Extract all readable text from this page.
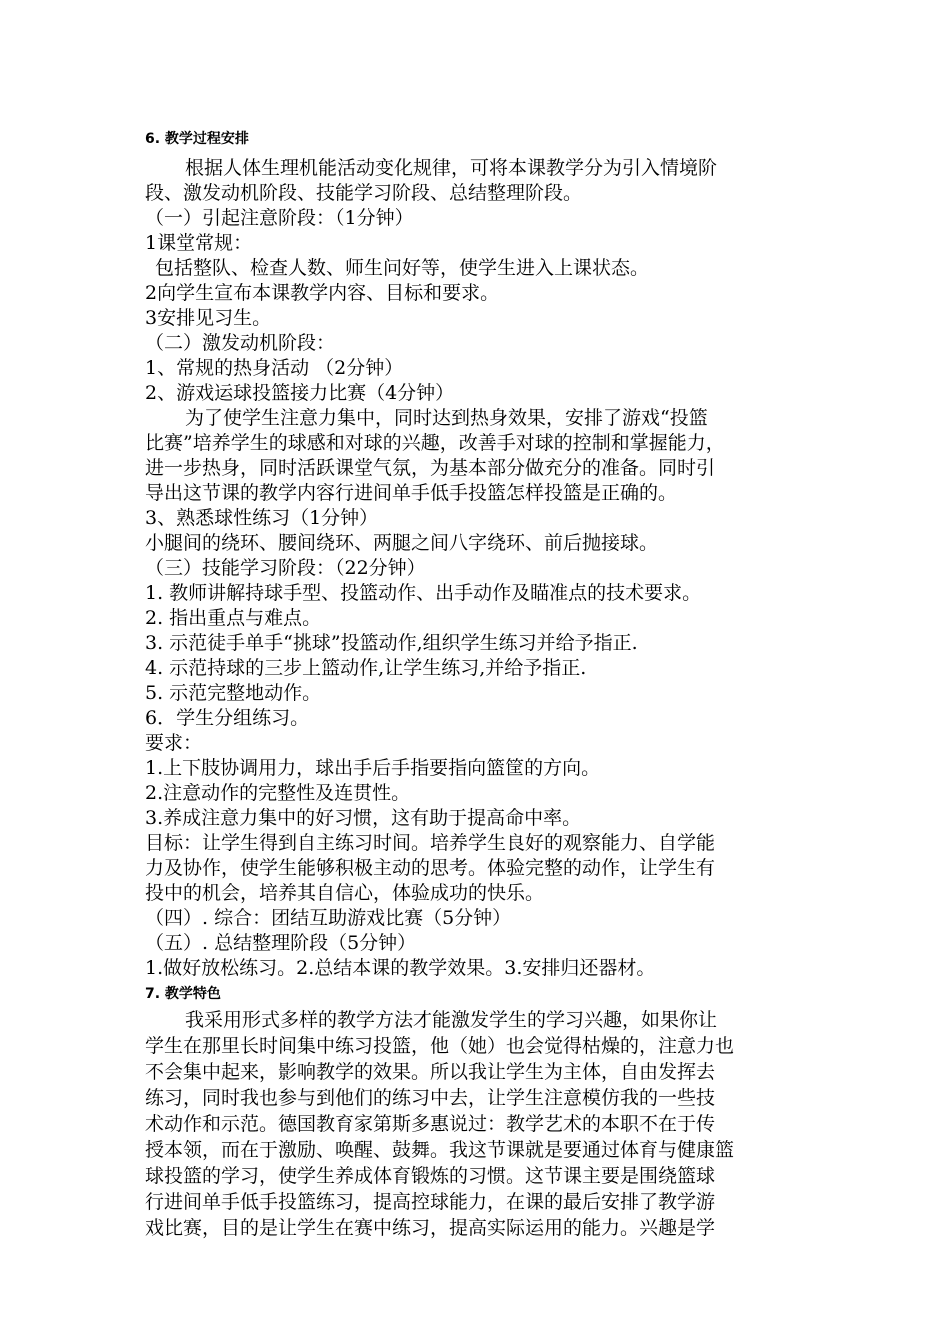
6. 教学过程安排
根据人体生理机能活动变化规律，可将本课教学分为引入情境阶
段、激发动机阶段、技能学习阶段、总结整理阶段。
（一）引起注意阶段：（1分钟）
1课堂常规：
包括整队、检查人数、师生问好等，使学生进入上课状态。
2向学生宣布本课教学内容、目标和要求。
3安排见习生。
（二）激发动机阶段：
1、常规的热身活动 （2分钟）
2、游戏运球投篮接力比赛（4分钟）
为了使学生注意力集中，同时达到热身效果，安排了游戏“投篮
比赛”培养学生的球感和对球的兴趣，改善手对球的控制和掌握能力，
进一步热身，同时活跃课堂气氛，为基本部分做充分的准备。同时引
导出这节课的教学内容行进间单手低手投篮怎样投篮是正确的。
3、熟悉球性练习（1分钟）
小腿间的绕环、腰间绕环、两腿之间八字绕环、前后抛接球。
（三）技能学习阶段：（22分钟）
1. 教师讲解持球手型、投篮动作、出手动作及瞄准点的技术要求。
2. 指出重点与难点。
3. 示范徒手单手“挑球”投篮动作,组织学生练习并给予指正.
4. 示范持球的三步上篮动作,让学生练习,并给予指正.
5. 示范完整地动作。
6．学生分组练习。
要求：
1.上下肢协调用力，球出手后手指要指向篮筐的方向。
2.注意动作的完整性及连贯性。
3.养成注意力集中的好习惯，这有助于提高命中率。
目标：让学生得到自主练习时间。培养学生良好的观察能力、自学能
力及协作，使学生能够积极主动的思考。体验完整的动作，让学生有
投中的机会，培养其自信心，体验成功的快乐。
（四）. 综合：团结互助游戏比赛（5分钟）
（五）. 总结整理阶段（5分钟）
1.做好放松练习。2.总结本课的教学效果。3.安排归还器材。
7. 教学特色
我采用形式多样的教学方法才能激发学生的学习兴趣，如果你让
学生在那里长时间集中练习投篮，他（她）也会觉得枯燥的，注意力也
不会集中起来，影响教学的效果。所以我让学生为主体，自由发挥去
练习，同时我也参与到他们的练习中去，让学生注意模仿我的一些技
术动作和示范。德国教育家第斯多惠说过：教学艺术的本职不在于传
授本领，而在于激励、唤醒、鼓舞。我这节课就是要通过体育与健康篮
球投篮的学习，使学生养成体育锻炼的习惯。这节课主要是围绕篮球
行进间单手低手投篮练习，提高控球能力，在课的最后安排了教学游
戏比赛，目的是让学生在赛中练习，提高实际运用的能力。兴趣是学
